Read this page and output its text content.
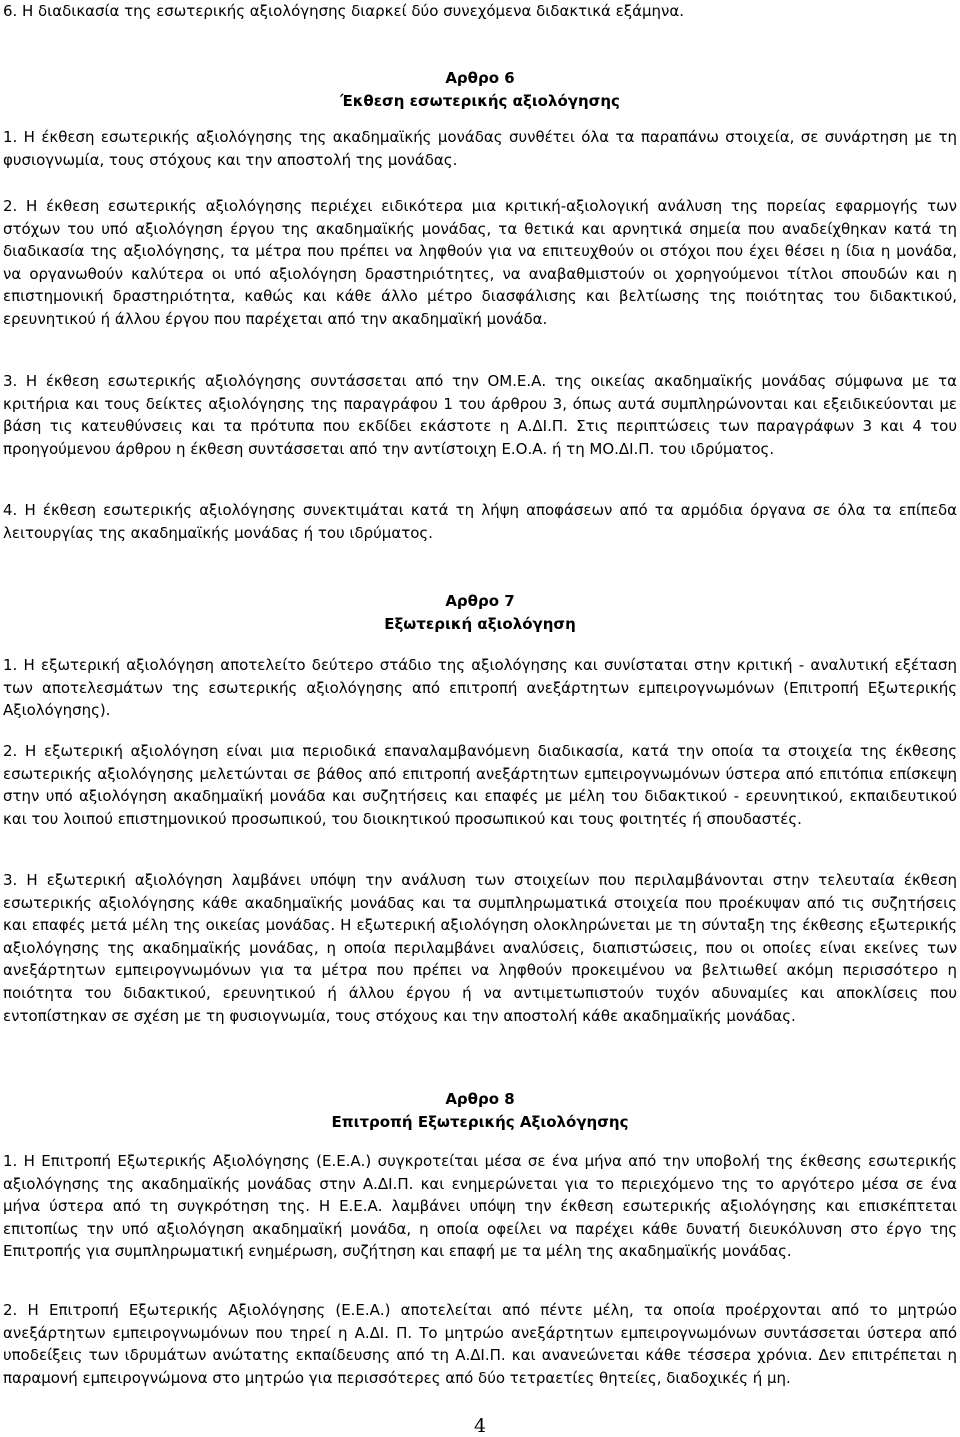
6. Η διαδικασία της εσωτερικής αξιολόγησης διαρκεί δύο συνεχόμενα διδακτικά εξάμηνα.

Αρθρο 6
Έκθεση εσωτερικής αξιολόγησης

1. Η έκθεση εσωτερικής αξιολόγησης της ακαδημαϊκής μονάδας συνθέτει όλα τα παραπάνω στοιχεία, σε συνάρτηση με τη φυσιογνωμία, τους στόχους και την αποστολή της μονάδας.

2. Η έκθεση εσωτερικής αξιολόγησης περιέχει ειδικότερα μια κριτική-αξιολογική ανάλυση της πορείας εφαρμογής των στόχων του υπό αξιολόγηση έργου της ακαδημαϊκής μονάδας, τα θετικά και αρνητικά σημεία που αναδείχθηκαν κατά τη διαδικασία της αξιολόγησης, τα μέτρα που πρέπει να ληφθούν για να επιτευχθούν οι στόχοι που έχει θέσει η ίδια η μονάδα, να οργανωθούν καλύτερα οι υπό αξιολόγηση δραστηριότητες, να αναβαθμιστούν οι χορηγούμενοι τίτλοι σπουδών και η επιστημονική δραστηριότητα, καθώς και κάθε άλλο μέτρο διασφάλισης και βελτίωσης της ποιότητας του διδακτικού, ερευνητικού ή άλλου έργου που παρέχεται από την ακαδημαϊκή μονάδα.

3. Η έκθεση εσωτερικής αξιολόγησης συντάσσεται από την ΟΜ.Ε.Α. της οικείας ακαδημαϊκής μονάδας σύμφωνα με τα κριτήρια και τους δείκτες αξιολόγησης της παραγράφου 1 του άρθρου 3, όπως αυτά συμπληρώνονται και εξειδικεύονται με βάση τις κατευθύνσεις και τα πρότυπα που εκδίδει εκάστοτε η Α.ΔΙ.Π. Στις περιπτώσεις των παραγράφων 3 και 4 του προηγούμενου άρθρου η έκθεση συντάσσεται από την αντίστοιχη Ε.Ο.Α. ή τη ΜΟ.ΔΙ.Π. του ιδρύματος.

4. Η έκθεση εσωτερικής αξιολόγησης συνεκτιμάται κατά τη λήψη αποφάσεων από τα αρμόδια όργανα σε όλα τα επίπεδα λειτουργίας της ακαδημαϊκής μονάδας ή του ιδρύματος.

Αρθρο 7
Εξωτερική αξιολόγηση

1. Η εξωτερική αξιολόγηση αποτελείτο δεύτερο στάδιο της αξιολόγησης και συνίσταται στην κριτική - αναλυτική εξέταση των αποτελεσμάτων της εσωτερικής αξιολόγησης από επιτροπή ανεξάρτητων εμπειρογνωμόνων (Επιτροπή Εξωτερικής Αξιολόγησης).

2. Η εξωτερική αξιολόγηση είναι μια περιοδικά επαναλαμβανόμενη διαδικασία, κατά την οποία τα στοιχεία της έκθεσης εσωτερικής αξιολόγησης μελετώνται σε βάθος από επιτροπή ανεξάρτητων εμπειρογνωμόνων ύστερα από επιτόπια επίσκεψη στην υπό αξιολόγηση ακαδημαϊκή μονάδα και συζητήσεις και επαφές με μέλη του διδακτικού - ερευνητικού, εκπαιδευτικού και του λοιπού επιστημονικού προσωπικού, του διοικητικού προσωπικού και τους φοιτητές ή σπουδαστές.

3. Η εξωτερική αξιολόγηση λαμβάνει υπόψη την ανάλυση των στοιχείων που περιλαμβάνονται στην τελευταία έκθεση εσωτερικής αξιολόγησης κάθε ακαδημαϊκής μονάδας και τα συμπληρωματικά στοιχεία που προέκυψαν από τις συζητήσεις και επαφές μετά μέλη της οικείας μονάδας. Η εξωτερική αξιολόγηση ολοκληρώνεται με τη σύνταξη της έκθεσης εξωτερικής αξιολόγησης της ακαδημαϊκής μονάδας, η οποία περιλαμβάνει αναλύσεις, διαπιστώσεις, που οι οποίες είναι εκείνες των ανεξάρτητων εμπειρογνωμόνων για τα μέτρα που πρέπει να ληφθούν προκειμένου να βελτιωθεί ακόμη περισσότερο η ποιότητα του διδακτικού, ερευνητικού ή άλλου έργου ή να αντιμετωπιστούν τυχόν αδυναμίες και αποκλίσεις που εντοπίστηκαν σε σχέση με τη φυσιογνωμία, τους στόχους και την αποστολή κάθε ακαδημαϊκής μονάδας.

Αρθρο 8
Επιτροπή Εξωτερικής Αξιολόγησης

1. Η Επιτροπή Εξωτερικής Αξιολόγησης (Ε.Ε.Α.) συγκροτείται μέσα σε ένα μήνα από την υποβολή της έκθεσης εσωτερικής αξιολόγησης της ακαδημαϊκής μονάδας στην Α.ΔΙ.Π. και ενημερώνεται για το περιεχόμενο της το αργότερο μέσα σε ένα μήνα ύστερα από τη συγκρότηση της. Η Ε.Ε.Α. λαμβάνει υπόψη την έκθεση εσωτερικής αξιολόγησης και επισκέπτεται επιτοπίως την υπό αξιολόγηση ακαδημαϊκή μονάδα, η οποία οφείλει να παρέχει κάθε δυνατή διευκόλυνση στο έργο της Επιτροπής για συμπληρωματική ενημέρωση, συζήτηση και επαφή με τα μέλη της ακαδημαϊκής μονάδας.

2. Η Επιτροπή Εξωτερικής Αξιολόγησης (Ε.Ε.Α.) αποτελείται από πέντε μέλη, τα οποία προέρχονται από το μητρώο ανεξάρτητων εμπειρογνωμόνων που τηρεί η Α.ΔΙ. Π. Το μητρώο ανεξάρτητων εμπειρογνωμόνων συντάσσεται ύστερα από υποδείξεις των ιδρυμάτων ανώτατης εκπαίδευσης από τη Α.ΔΙ.Π. και ανανεώνεται κάθε τέσσερα χρόνια. Δεν επιτρέπεται η παραμονή εμπειρογνώμονα στο μητρώο για περισσότερες από δύο τετραετίες θητείες, διαδοχικές ή μη.

4
